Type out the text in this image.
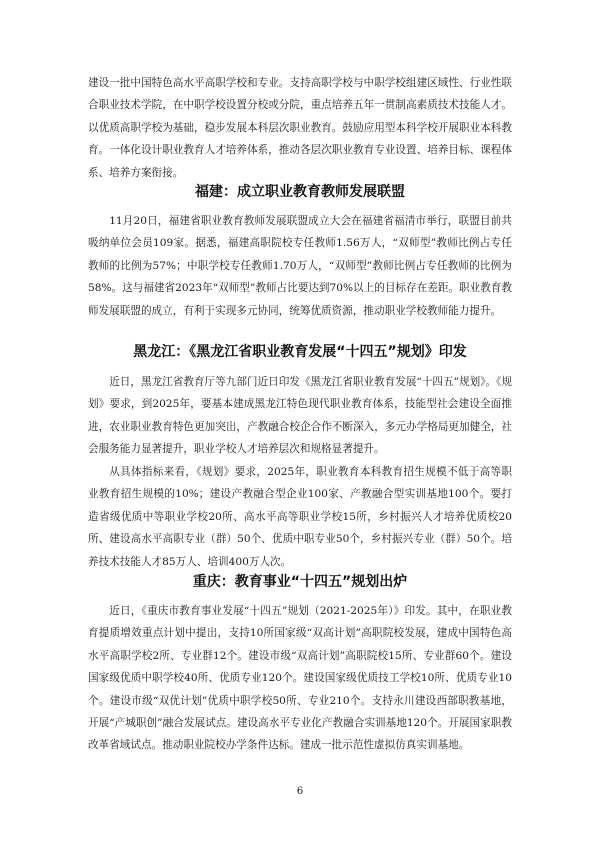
建设一批中国特色高水平高职学校和专业。支持高职学校与中职学校组建区域性、行业性联合职业技术学院，在中职学校设置分校或分院，重点培养五年一贯制高素质技术技能人才。以优质高职学校为基础，稳步发展本科层次职业教育。鼓励应用型本科学校开展职业本科教育。一体化设计职业教育人才培养体系，推动各层次职业教育专业设置、培养目标、课程体系、培养方案衔接。

福建：成立职业教育教师发展联盟

11月20日，福建省职业教育教师发展联盟成立大会在福建省福清市举行，联盟目前共吸纳单位会员109家。据悉，福建高职院校专任教师1.56万人，“双师型”教师比例占专任教师的比例为57%；中职学校专任教师1.70万人，“双师型”教师比例占专任教师的比例为58%。这与福建省2023年“双师型”教师占比要达到70%以上的目标存在差距。职业教育教师发展联盟的成立，有利于实现多元协同，统筹优质资源，推动职业学校教师能力提升。

黑龙江：《黑龙江省职业教育发展“十四五”规划》印发

近日，黑龙江省教育厅等九部门近日印发《黑龙江省职业教育发展“十四五”规划》。《规划》要求，到2025年，要基本建成黑龙江特色现代职业教育体系，技能型社会建设全面推进，农业职业教育特色更加突出，产教融合校企合作不断深入，多元办学格局更加健全，社会服务能力显著提升，职业学校人才培养层次和规格显著提升。

从具体指标来看，《规划》要求，2025年，职业教育本科教育招生规模不低于高等职业教育招生规模的10%；建设产教融合型企业100家、产教融合型实训基地100个。要打造省级优质中等职业学校20所、高水平高等职业学校15所，乡村振兴人才培养优质校20所、建设高水平高职专业（群）50个、优质中职专业50个，乡村振兴专业（群）50个。培养技术技能人才85万人、培训400万人次。

重庆：教育事业“十四五”规划出炉

近日，《重庆市教育事业发展“十四五”规划（2021-2025年）》印发。其中，在职业教育提质增效重点计划中提出，支持10所国家级“双高计划”高职院校发展，建成中国特色高水平高职学校2所、专业群12个。建设市级“双高计划”高职院校15所、专业群60个。建设国家级优质中职学校40所、优质专业120个。建设国家级优质技工学校10所、优质专业10个。建设市级“双优计划”优质中职学校50所、专业210个。支持永川建设西部职教基地，开展“产城职创”融合发展试点。建设高水平专业化产教融合实训基地120个。开展国家职教改革省域试点。推动职业院校办学条件达标。建成一批示范性虚拟仿真实训基地。

6
